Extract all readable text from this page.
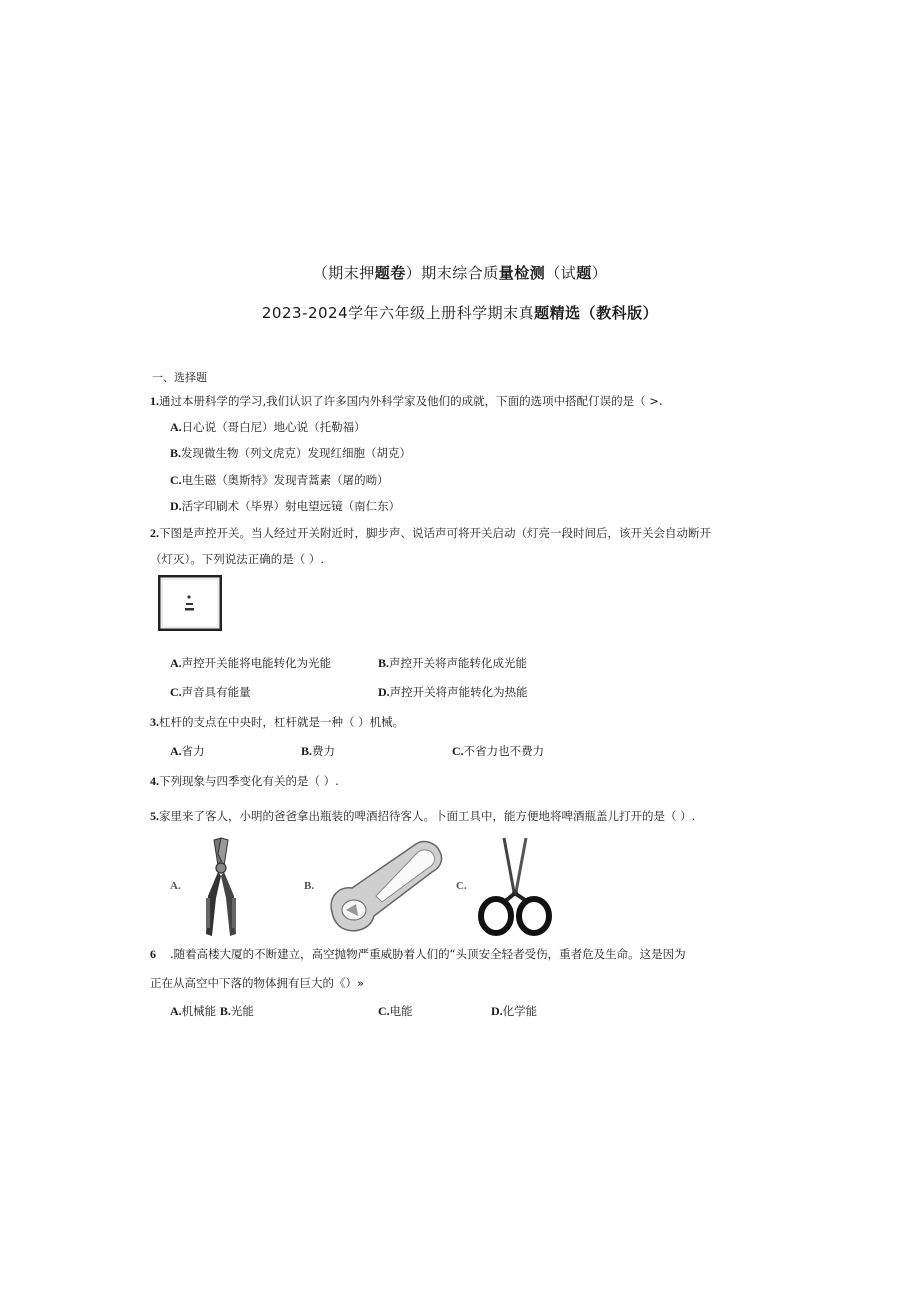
（期末押题卷）期末综合质量检测（试题）
2023-2024学年六年级上册科学期末真题精选（教科版）
一、选择题
1.通过本册科学的学习,我们认识了许多国内外科学家及他们的成就，下面的选项中搭配仃误的是（ >.
A.日心说（哥白尼）地心说（托勒福）
B.发现微生物（列文虎克）发现红细胞（胡克）
C.电生磁（奥斯特》发现青蒿素（屠的呦）
D.活字印刷术（毕界）射电望远镜（南仁东）
2.下图是声控开关。当人经过开关附近时，脚步声、说话声可将开关启动（灯亮一段时间后，该开关会自动断开
（灯灭）。下列说法正确的是（ ）.
A.声控开关能将电能转化为光能	B.声控开关将声能转化成光能
C.声音具有能量	D.声控开关将声能转化为热能
3.杠杆的支点在中央时，杠杆就是一种（ ）机械。
A.省力	B.费力	C.不省力也不费力
4.下列现象与四季变化有关的是（ ）.
5.家里来了客人，小明的爸爸拿出瓶装的啤酒招待客人。卜面工具中，能方便地将啤酒瓶盖儿打开的是（ ）.
A.	B.	C.
6 .随着高楼大厦的不断建立，高空抛物严重威胁着人们的“头顶安全轻者受伤，重者危及生命。这是因为
正在从高空中下落的物体拥有巨大的《）»
A.机械能 B.光能	C.电能	D.化学能
